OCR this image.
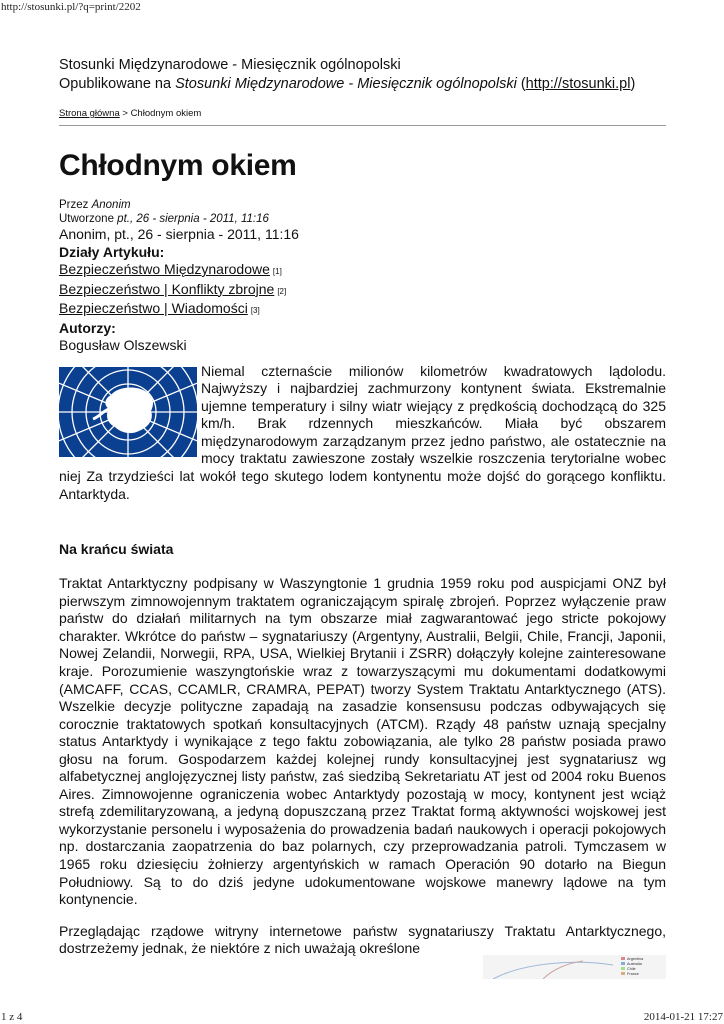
http://stosunki.pl/?q=print/2202
Stosunki Międzynarodowe - Miesięcznik ogólnopolski
Opublikowane na Stosunki Międzynarodowe - Miesięcznik ogólnopolski (http://stosunki.pl)
Strona główna > Chłodnym okiem
Chłodnym okiem
Przez Anonim
Utworzone pt., 26 - sierpnia - 2011, 11:16
Anonim, pt., 26 - sierpnia - 2011, 11:16
Działy Artykułu:
Bezpieczeństwo Międzynarodowe [1]
Bezpieczeństwo | Konflikty zbrojne [2]
Bezpieczeństwo | Wiadomości [3]
Autorzy:
Bogusław Olszewski
Niemal czternaście milionów kilometrów kwadratowych lądolodu. Najwyższy i najbardziej zachmurzony kontynent świata. Ekstremalnie ujemne temperatury i silny wiatr wiejący z prędkością dochodzącą do 325 km/h. Brak rdzennych mieszkańców. Miała być obszarem międzynarodowym zarządzanym przez jedno państwo, ale ostatecznie na mocy traktatu zawieszone zostały wszelkie roszczenia terytorialne wobec niej Za trzydzieści lat wokół tego skutego lodem kontynentu może dojść do gorącego konfliktu. Antarktyda.
Na krańcu świata
Traktat Antarktyczny podpisany w Waszyngtonie 1 grudnia 1959 roku pod auspicjami ONZ był pierwszym zimnowojennym traktatem ograniczającym spiralę zbrojeń. Poprzez wyłączenie praw państw do działań militarnych na tym obszarze miał zagwarantować jego stricte pokojowy charakter. Wkrótce do państw – sygnatariuszy (Argentyny, Australii, Belgii, Chile, Francji, Japonii, Nowej Zelandii, Norwegii, RPA, USA, Wielkiej Brytanii i ZSRR) dołączyły kolejne zainteresowane kraje. Porozumienie waszyngtońskie wraz z towarzyszącymi mu dokumentami dodatkowymi (AMCAFF, CCAS, CCAMLR, CRAMRA, PEPAT) tworzy System Traktatu Antarktycznego (ATS). Wszelkie decyzje polityczne zapadają na zasadzie konsensusu podczas odbywających się corocznie traktatowych spotkań konsultacyjnych (ATCM). Rządy 48 państw uznają specjalny status Antarktydy i wynikające z tego faktu zobowiązania, ale tylko 28 państw posiada prawo głosu na forum. Gospodarzem każdej kolejnej rundy konsultacyjnej jest sygnatariusz wg alfabetycznej anglojęzycznej listy państw, zaś siedzibą Sekretariatu AT jest od 2004 roku Buenos Aires. Zimnowojenne ograniczenia wobec Antarktydy pozostają w mocy, kontynent jest wciąż strefą zdemilitaryzowaną, a jedyną dopuszczaną przez Traktat formą aktywności wojskowej jest wykorzystanie personelu i wyposażenia do prowadzenia badań naukowych i operacji pokojowych np. dostarczania zaopatrzenia do baz polarnych, czy przeprowadzania patroli. Tymczasem w 1965 roku dziesięciu żołnierzy argentyńskich w ramach Operación 90 dotarło na Biegun Południowy. Są to do dziś jedyne udokumentowane wojskowe manewry lądowe na tym kontynencie.
Przeglądając rządowe witryny internetowe państw sygnatariuszy Traktatu Antarktycznego, dostrzeżemy jednak, że niektóre z nich uważają określone
Argentina
Australia
Chile
France
1 z 4	2014-01-21 17:27
